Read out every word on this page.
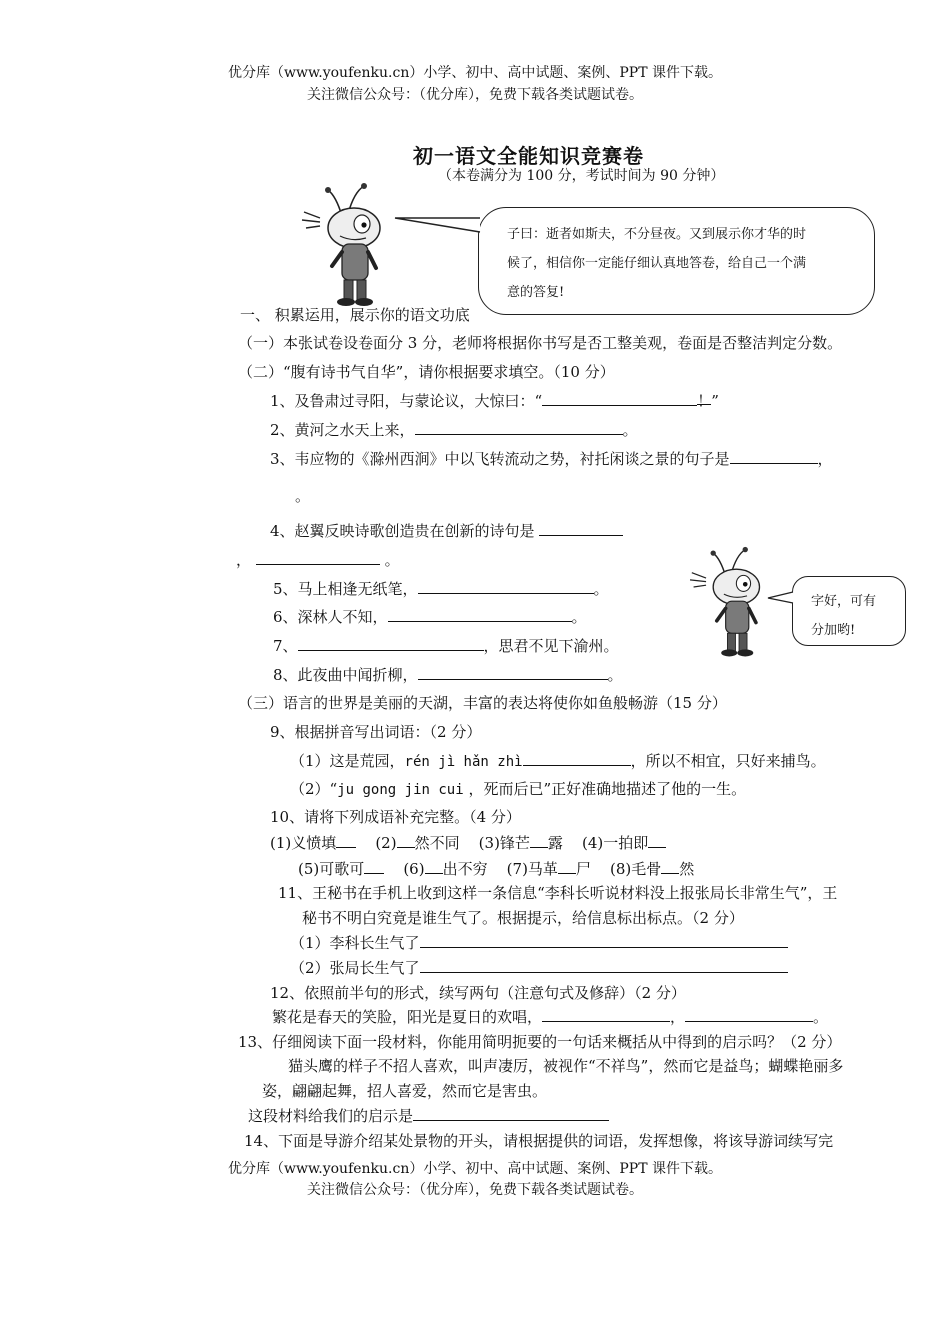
优分库（www.youfenku.cn）小学、初中、高中试题、案例、PPT 课件下载。
关注微信公众号：（优分库），免费下载各类试题试卷。
初一语文全能知识竞赛卷
（本卷满分为 100 分，考试时间为 90 分钟）
子曰：逝者如斯夫，不分昼夜。又到展示你才华的时
候了，相信你一定能仔细认真地答卷，给自己一个满
意的答复!
一、 积累运用，展示你的语文功底
（一）本张试卷设卷面分 3 分，老师将根据你书写是否工整美观，卷面是否整洁判定分数。
（二）“腹有诗书气自华”，请你根据要求填空。（10 分）
1、及鲁肃过寻阳，与蒙论议，大惊曰：“	！”
2、黄河之水天上来，	。
3、韦应物的《滁州西涧》中以飞转流动之势，衬托闲谈之景的句子是	，
。
4、赵翼反映诗歌创造贵在创新的诗句是
，	。
5、马上相逢无纸笔，	。
6、深林人不知，	。
7、	，思君不见下渝州。
8、此夜曲中闻折柳，	。
字好，可有
分加哟!
（三）语言的世界是美丽的天湖，丰富的表达将使你如鱼般畅游（15 分）
9、根据拼音写出词语：（2 分）
（1）这是荒园，rén jì hǎn zhì	，所以不相宜，只好来捕鸟。
（2）“ju gong jin cui ，死而后已”正好准确地描述了他的一生。
10、请将下列成语补充完整。（4 分）
(1)义愤填	(2) 然不同 (3)锋芒 露 (4)一拍即
(5)可歌可	(6) 出不穷 (7)马革 尸 (8)毛骨 然
11、王秘书在手机上收到这样一条信息“李科长听说材料没上报张局长非常生气”，王
秘书不明白究竟是谁生气了。根据提示，给信息标出标点。（2 分）
（1）李科长生气了
（2）张局长生气了
12、依照前半句的形式，续写两句（注意句式及修辞）（2 分）
繁花是春天的笑脸，阳光是夏日的欢唱，	，	。
13、仔细阅读下面一段材料，你能用简明扼要的一句话来概括从中得到的启示吗？（2 分）
猫头鹰的样子不招人喜欢，叫声凄厉，被视作“不祥鸟”，然而它是益鸟；蝴蝶艳丽多
姿，翩翩起舞，招人喜爱，然而它是害虫。
这段材料给我们的启示是
14、下面是导游介绍某处景物的开头，请根据提供的词语，发挥想像，将该导游词续写完
优分库（www.youfenku.cn）小学、初中、高中试题、案例、PPT 课件下载。
关注微信公众号：（优分库），免费下载各类试题试卷。
